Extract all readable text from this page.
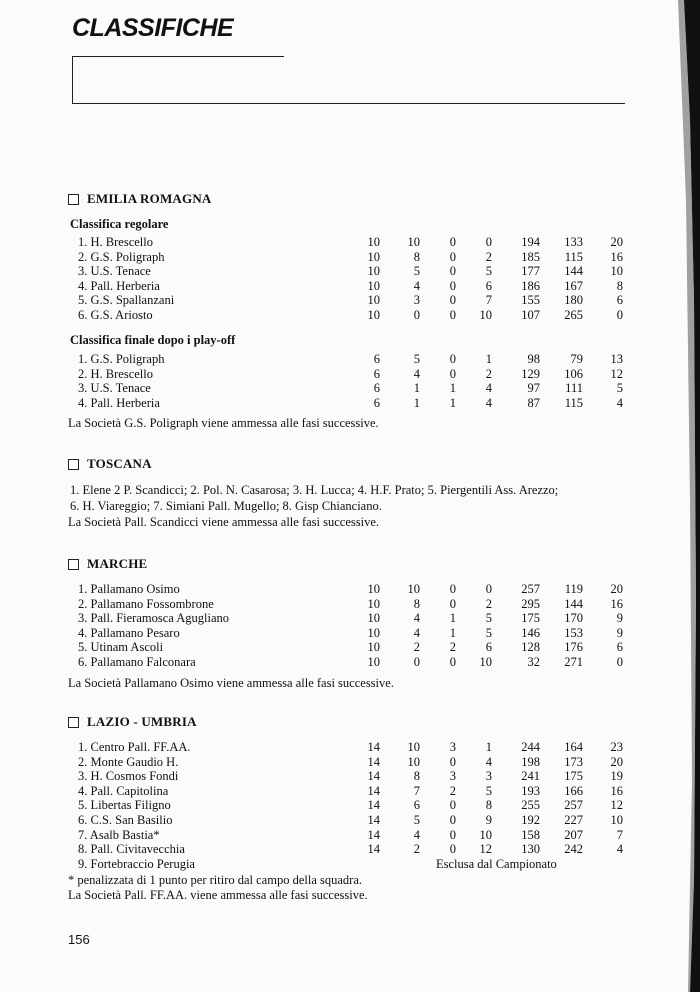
CLASSIFICHE
EMILIA ROMAGNA
Classifica regolare
1. H. Brescello	10	10	0	0	194	133	20
2. G.S. Poligraph	10	8	0	2	185	115	16
3. U.S. Tenace	10	5	0	5	177	144	10
4. Pall. Herberia	10	4	0	6	186	167	8
5. G.S. Spallanzani	10	3	0	7	155	180	6
6. G.S. Ariosto	10	0	0	10	107	265	0
Classifica finale dopo i play-off
1. G.S. Poligraph	6	5	0	1	98	79	13
2. H. Brescello	6	4	0	2	129	106	12
3. U.S. Tenace	6	1	1	4	97	111	5
4. Pall. Herberia	6	1	1	4	87	115	4
La Società G.S. Poligraph viene ammessa alle fasi successive.
TOSCANA
1. Elene 2 P. Scandicci; 2. Pol. N. Casarosa; 3. H. Lucca; 4. H.F. Prato; 5. Piergentili Ass. Arezzo;
6. H. Viareggio; 7. Simiani Pall. Mugello; 8. Gisp Chianciano.
La Società Pall. Scandicci viene ammessa alle fasi successive.
MARCHE
1. Pallamano Osimo	10	10	0	0	257	119	20
2. Pallamano Fossombrone	10	8	0	2	295	144	16
3. Pall. Fieramosca Agugliano	10	4	1	5	175	170	9
4. Pallamano Pesaro	10	4	1	5	146	153	9
5. Utinam Ascoli	10	2	2	6	128	176	6
6. Pallamano Falconara	10	0	0	10	32	271	0
La Società Pallamano Osimo viene ammessa alle fasi successive.
LAZIO - UMBRIA
1. Centro Pall. FF.AA.	14	10	3	1	244	164	23
2. Monte Gaudio H.	14	10	0	4	198	173	20
3. H. Cosmos Fondi	14	8	3	3	241	175	19
4. Pall. Capitolina	14	7	2	5	193	166	16
5. Libertas Filigno	14	6	0	8	255	257	12
6. C.S. San Basilio	14	5	0	9	192	227	10
7. Asalb Bastia*	14	4	0	10	158	207	7
8. Pall. Civitavecchia	14	2	0	12	130	242	4
9. Fortebraccio Perugia	Esclusa dal Campionato
* penalizzata di 1 punto per ritiro dal campo della squadra.
La Società Pall. FF.AA. viene ammessa alle fasi successive.
156
